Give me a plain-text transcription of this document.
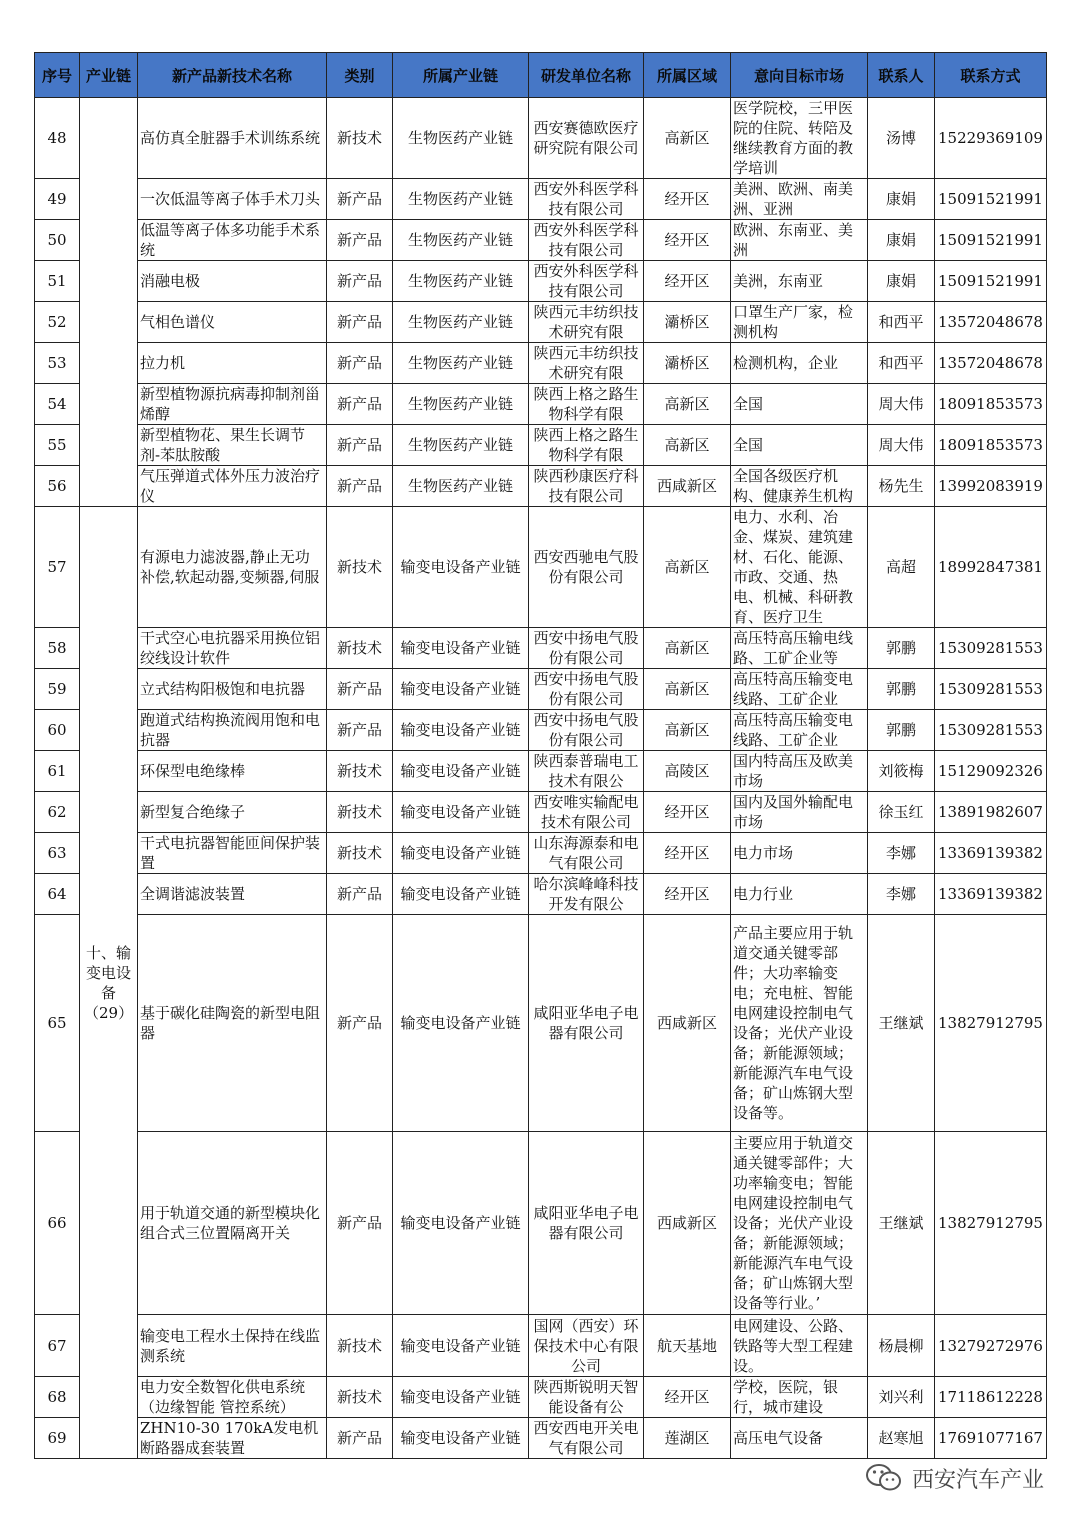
序号	产业链	新产品新技术名称	类别	所属产业链	研发单位名称	所属区域	意向目标市场	联系人	联系方式
48		高仿真全脏器手术训练系统	新技术	生物医药产业链	西安赛德欧医疗研究院有限公司	高新区	医学院校，三甲医院的住院、转陪及继续教育方面的教学培训	汤博	15229369109
49		一次低温等离子体手术刀头	新产品	生物医药产业链	西安外科医学科技有限公司	经开区	美洲、欧洲、南美洲、亚洲	康娟	15091521991
50		低温等离子体多功能手术系统	新产品	生物医药产业链	西安外科医学科技有限公司	经开区	欧洲、东南亚、美洲	康娟	15091521991
51		消融电极	新产品	生物医药产业链	西安外科医学科技有限公司	经开区	美洲，东南亚	康娟	15091521991
52		气相色谱仪	新产品	生物医药产业链	陕西元丰纺织技术研究有限	灞桥区	口罩生产厂家，检测机构	和西平	13572048678
53		拉力机	新产品	生物医药产业链	陕西元丰纺织技术研究有限	灞桥区	检测机构，企业	和西平	13572048678
54		新型植物源抗病毒抑制剂甾烯醇	新产品	生物医药产业链	陕西上格之路生物科学有限	高新区	全国	周大伟	18091853573
55		新型植物花、果生长调节剂-苯肽胺酸	新产品	生物医药产业链	陕西上格之路生物科学有限	高新区	全国	周大伟	18091853573
56		气压弹道式体外压力波治疗仪	新产品	生物医药产业链	陕西秒康医疗科技有限公司	西咸新区	全国各级医疗机构、健康养生机构	杨先生	13992083919
57	十、输变电设备（29）	有源电力滤波器,静止无功补偿,软起动器,变频器,伺服	新技术	输变电设备产业链	西安西驰电气股份有限公司	高新区	电力、水利、冶金、煤炭、建筑建材、石化、能源、市政、交通、热电、机械、科研教育、医疗卫生	高超	18992847381
58		干式空心电抗器采用换位铝绞线设计软件	新技术	输变电设备产业链	西安中扬电气股份有限公司	高新区	高压特高压输电线路、工矿企业等	郭鹏	15309281553
59		立式结构阳极饱和电抗器	新产品	输变电设备产业链	西安中扬电气股份有限公司	高新区	高压特高压输变电线路、工矿企业	郭鹏	15309281553
60		跑道式结构换流阀用饱和电抗器	新产品	输变电设备产业链	西安中扬电气股份有限公司	高新区	高压特高压输变电线路、工矿企业	郭鹏	15309281553
61		环保型电绝缘棒	新技术	输变电设备产业链	陕西泰普瑞电工技术有限公	高陵区	国内特高压及欧美市场	刘筱梅	15129092326
62		新型复合绝缘子	新技术	输变电设备产业链	西安唯实输配电技术有限公司	经开区	国内及国外输配电市场	徐玉红	13891982607
63		干式电抗器智能匝间保护装置	新技术	输变电设备产业链	山东海源泰和电气有限公司	经开区	电力市场	李娜	13369139382
64		全调谐滤波装置	新产品	输变电设备产业链	哈尔滨峰峰科技开发有限公	经开区	电力行业	李娜	13369139382
65		基于碳化硅陶瓷的新型电阻器	新产品	输变电设备产业链	咸阳亚华电子电器有限公司	西咸新区	产品主要应用于轨道交通关键零部件；大功率输变电；充电桩、智能电网建设控制电气设备；光伏产业设备；新能源领域；新能源汽车电气设备；矿山炼钢大型设备等。	王继斌	13827912795
66		用于轨道交通的新型模块化组合式三位置隔离开关	新产品	输变电设备产业链	咸阳亚华电子电器有限公司	西咸新区	主要应用于轨道交通关键零部件；大功率输变电；智能电网建设控制电气设备；光伏产业设备；新能源领域；新能源汽车电气设备；矿山炼钢大型设备等行业。’	王继斌	13827912795
67		输变电工程水土保持在线监测系统	新技术	输变电设备产业链	国网（西安）环保技术中心有限公司	航天基地	电网建设、公路、铁路等大型工程建设。	杨晨柳	13279272976
68		电力安全数智化供电系统（边缘智能 管控系统）	新技术	输变电设备产业链	陕西斯锐明天智能设备有公	经开区	学校，医院，银行，城市建设	刘兴利	17118612228
69		ZHN10-30 170kA发电机断路器成套装置	新产品	输变电设备产业链	西安西电开关电气有限公司	莲湖区	高压电气设备	赵寒旭	17691077167
西安汽车产业
